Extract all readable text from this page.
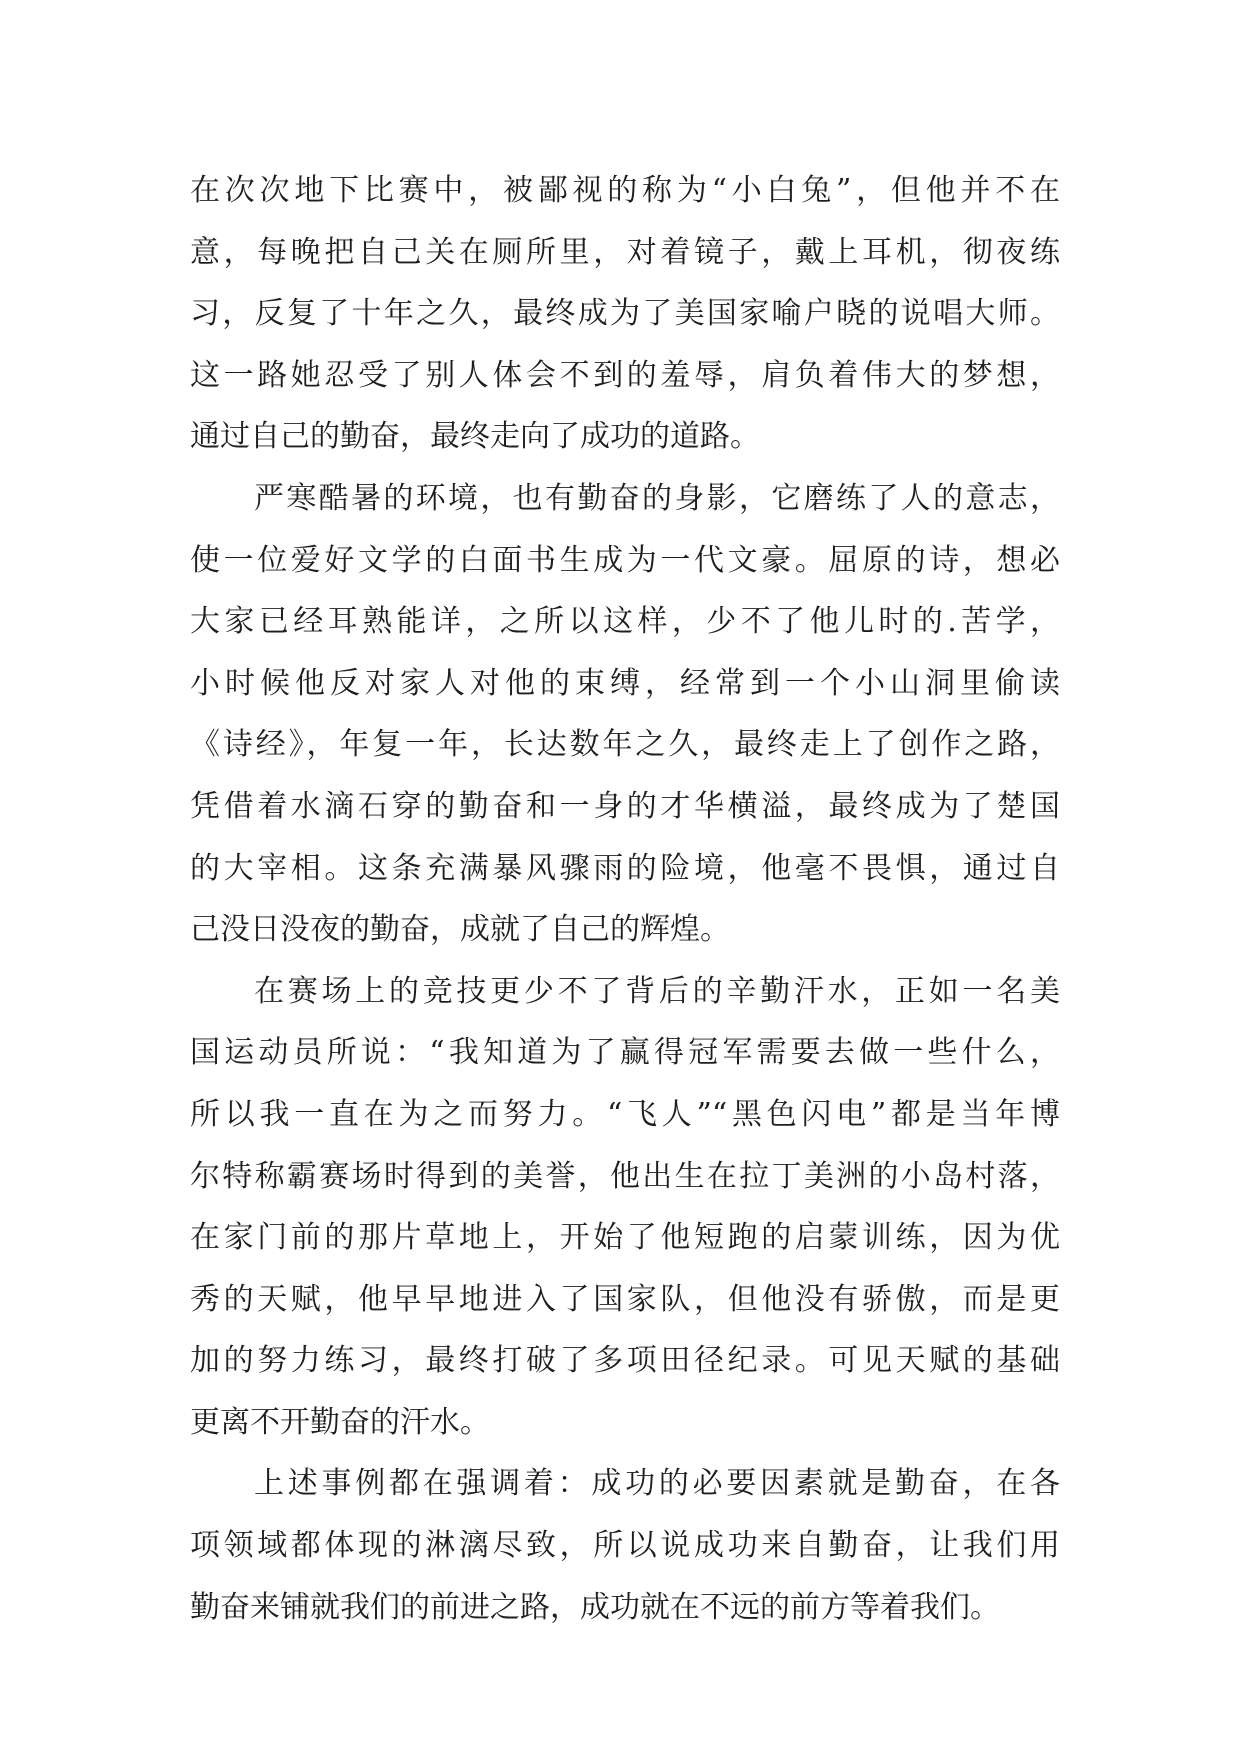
在次次地下比赛中，被鄙视的称为“小白兔”，但他并不在
意，每晚把自己关在厕所里，对着镜子，戴上耳机，彻夜练
习，反复了十年之久，最终成为了美国家喻户晓的说唱大师。
这一路她忍受了别人体会不到的羞辱，肩负着伟大的梦想，
通过自己的勤奋，最终走向了成功的道路。
严寒酷暑的环境，也有勤奋的身影，它磨练了人的意志，
使一位爱好文学的白面书生成为一代文豪。屈原的诗，想必
大家已经耳熟能详，之所以这样，少不了他儿时的.苦学，
小时候他反对家人对他的束缚，经常到一个小山洞里偷读
《诗经》，年复一年，长达数年之久，最终走上了创作之路，
凭借着水滴石穿的勤奋和一身的才华横溢，最终成为了楚国
的大宰相。这条充满暴风骤雨的险境，他毫不畏惧，通过自
己没日没夜的勤奋，成就了自己的辉煌。
在赛场上的竞技更少不了背后的辛勤汗水，正如一名美
国运动员所说：“我知道为了赢得冠军需要去做一些什么，
所以我一直在为之而努力。“飞人”“黑色闪电”都是当年博
尔特称霸赛场时得到的美誉，他出生在拉丁美洲的小岛村落，
在家门前的那片草地上，开始了他短跑的启蒙训练，因为优
秀的天赋，他早早地进入了国家队，但他没有骄傲，而是更
加的努力练习，最终打破了多项田径纪录。可见天赋的基础
更离不开勤奋的汗水。
上述事例都在强调着：成功的必要因素就是勤奋，在各
项领域都体现的淋漓尽致，所以说成功来自勤奋，让我们用
勤奋来铺就我们的前进之路，成功就在不远的前方等着我们。
